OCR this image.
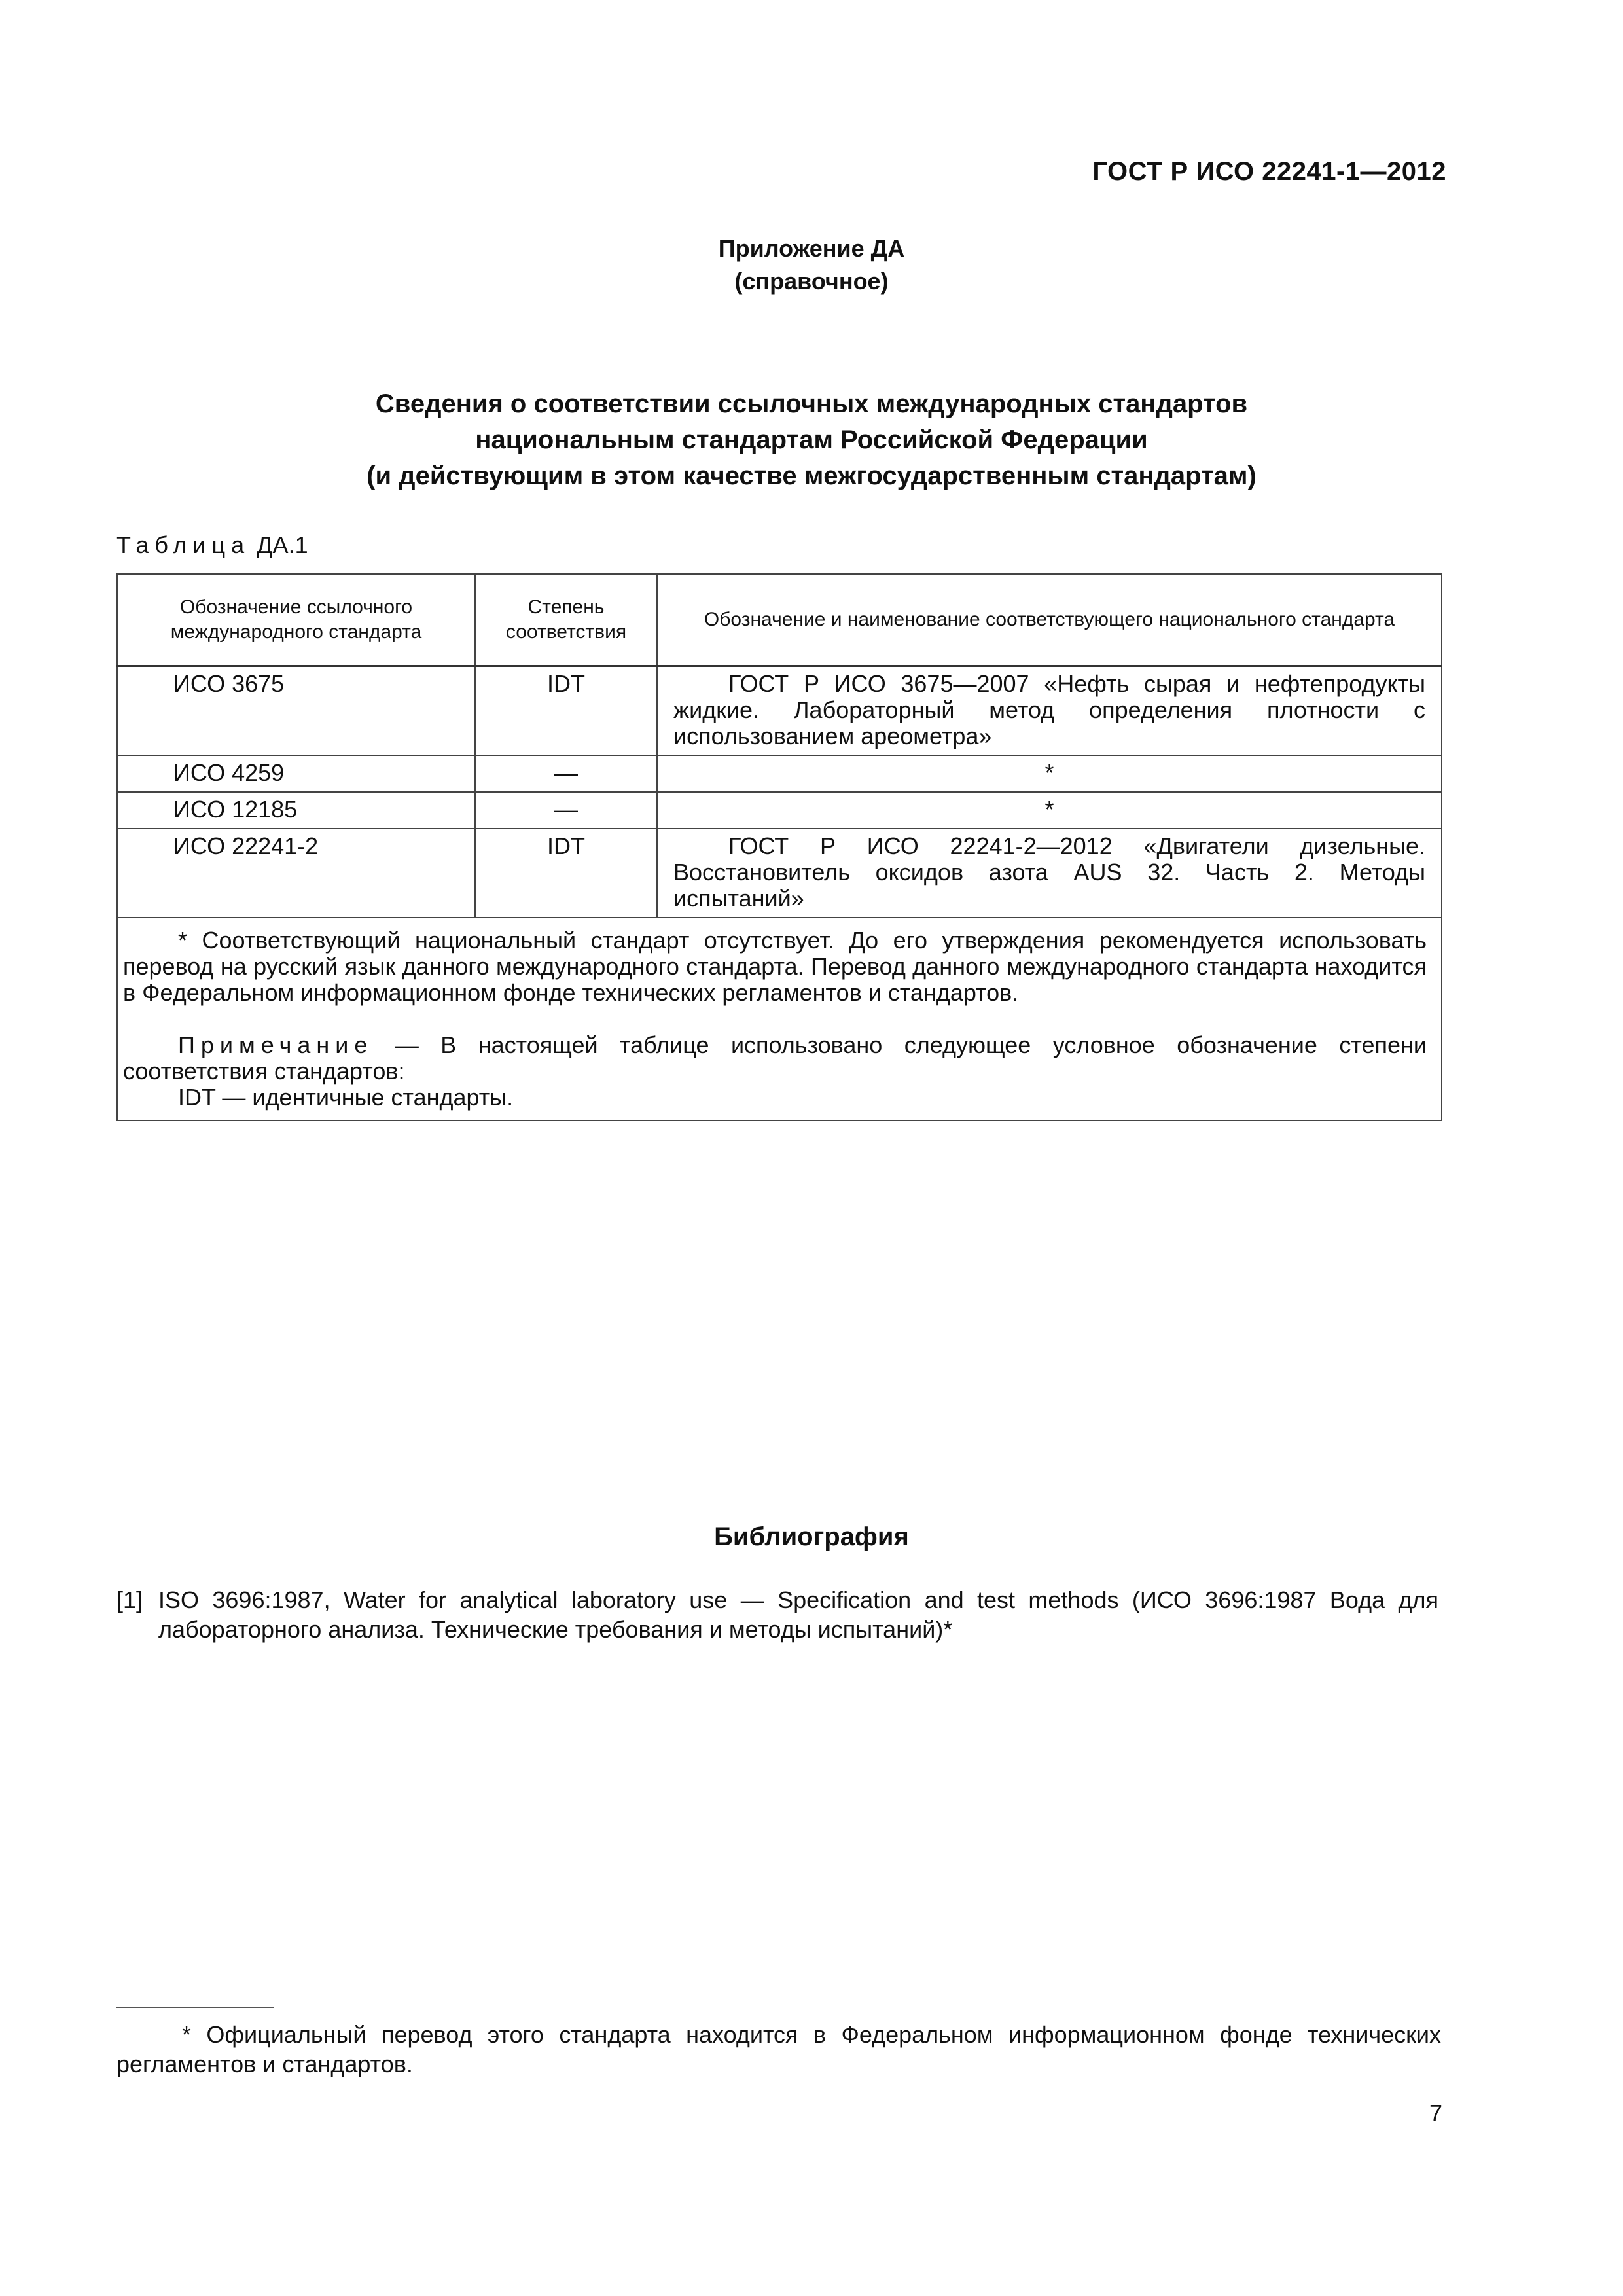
ГОСТ Р ИСО 22241-1—2012
Приложение ДА
(справочное)
Сведения о соответствии ссылочных международных стандартов
национальным стандартам Российской Федерации
(и действующим в этом качестве межгосударственным стандартам)
Таблица ДА.1
Обозначение ссылочного международного стандарта	Степень соответствия	Обозначение и наименование соответствующего национального стандарта
ИСО 3675	IDT	ГОСТ Р ИСО 3675—2007 «Нефть сырая и нефтепродукты жидкие. Лабораторный метод определения плотности с использованием ареометра»
ИСО 4259	—	*
ИСО 12185	—	*
ИСО 22241-2	IDT	ГОСТ Р ИСО 22241-2—2012 «Двигатели дизельные. Восстановитель оксидов азота AUS 32. Часть 2. Методы испытаний»

* Соответствующий национальный стандарт отсутствует. До его утверждения рекомендуется использовать перевод на русский язык данного международного стандарта. Перевод данного международного стандарта находится в Федеральном информационном фонде технических регламентов и стандартов.

Примечание — В настоящей таблице использовано следующее условное обозначение степени соответствия стандартов:

IDT — идентичные стандарты.		

Библиография
[1] ISO 3696:1987, Water for analytical laboratory use — Specification and test methods (ИСО 3696:1987 Вода для лабораторного анализа. Технические требования и методы испытаний)*
* Официальный перевод этого стандарта находится в Федеральном информационном фонде технических регламентов и стандартов.
7
